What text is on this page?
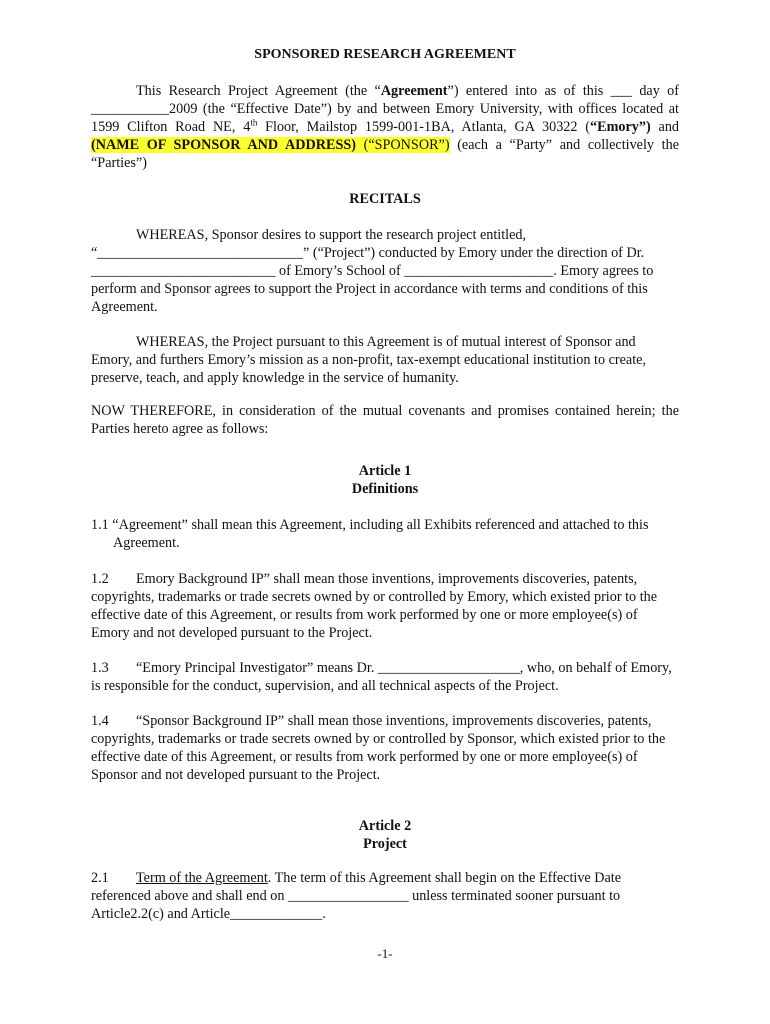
SPONSORED RESEARCH AGREEMENT
This Research Project Agreement (the “Agreement”) entered into as of this ___ day of ___________2009 (the “Effective Date”) by and between Emory University, with offices located at 1599 Clifton Road NE, 4th Floor, Mailstop 1599-001-1BA, Atlanta, GA 30322 (“Emory”) and (NAME OF SPONSOR AND ADDRESS) (“SPONSOR”) (each a “Party” and collectively the “Parties”)
RECITALS
WHEREAS, Sponsor desires to support the research project entitled, “_____________________________” (“Project”) conducted by Emory under the direction of Dr. __________________________ of Emory’s School of _____________________. Emory agrees to perform and Sponsor agrees to support the Project in accordance with terms and conditions of this Agreement.
WHEREAS, the Project pursuant to this Agreement is of mutual interest of Sponsor and Emory, and furthers Emory’s mission as a non-profit, tax-exempt educational institution to create, preserve, teach, and apply knowledge in the service of humanity.
NOW THEREFORE, in consideration of the mutual covenants and promises contained herein; the Parties hereto agree as follows:
Article 1
Definitions
1.1 “Agreement” shall mean this Agreement, including all Exhibits referenced and attached to this Agreement.
1.2 Emory Background IP” shall mean those inventions, improvements discoveries, patents, copyrights, trademarks or trade secrets owned by or controlled by Emory, which existed prior to the effective date of this Agreement, or results from work performed by one or more employee(s) of Emory and not developed pursuant to the Project.
1.3 “Emory Principal Investigator” means Dr. ____________________, who, on behalf of Emory, is responsible for the conduct, supervision, and all technical aspects of the Project.
1.4 “Sponsor Background IP” shall mean those inventions, improvements discoveries, patents, copyrights, trademarks or trade secrets owned by or controlled by Sponsor, which existed prior to the effective date of this Agreement, or results from work performed by one or more employee(s) of Sponsor and not developed pursuant to the Project.
Article 2
Project
2.1 Term of the Agreement. The term of this Agreement shall begin on the Effective Date referenced above and shall end on _________________ unless terminated sooner pursuant to Article2.2(c) and Article_____________.
-1-
